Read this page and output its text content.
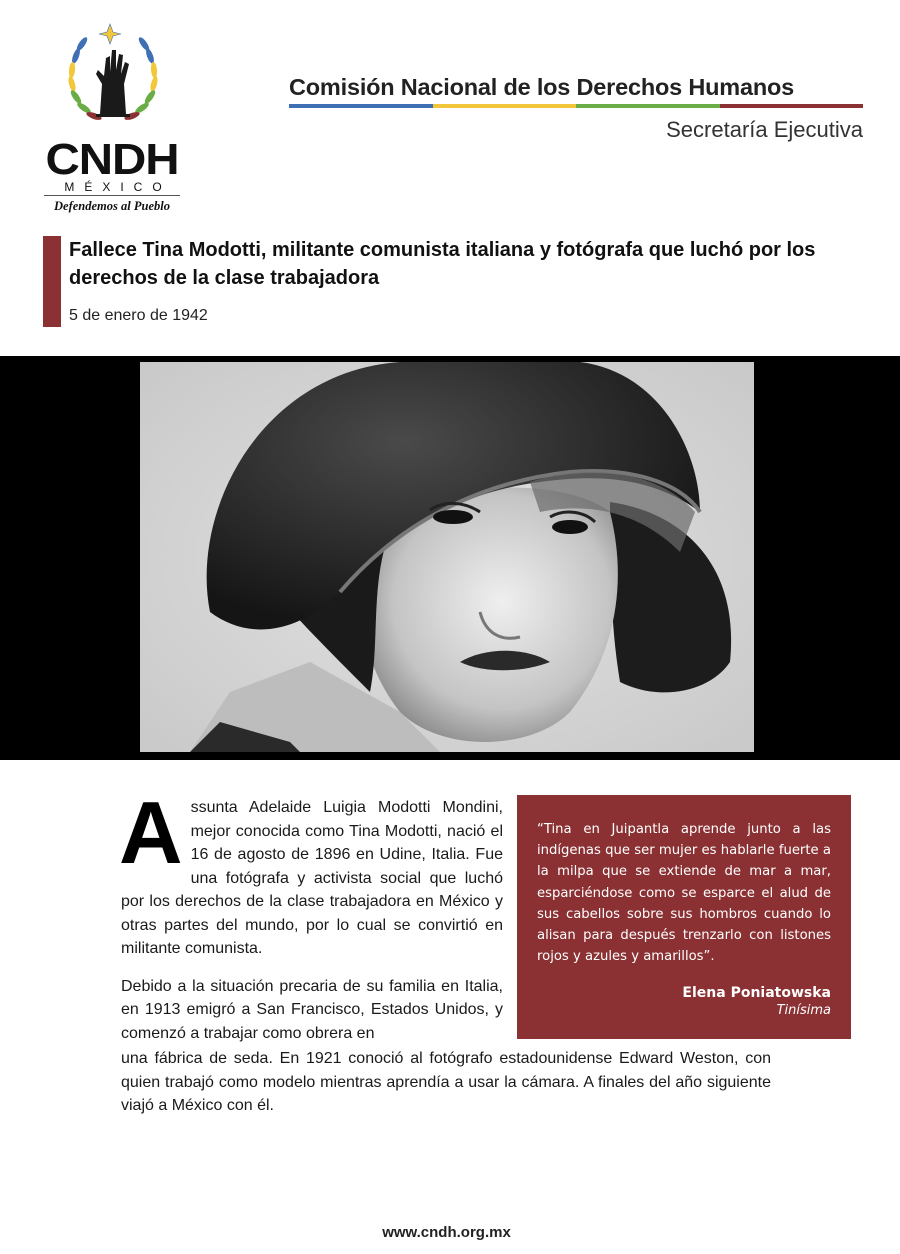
CNDH
MÉXICO
Defendemos al Pueblo
Comisión Nacional de los Derechos Humanos
Secretaría Ejecutiva
Fallece Tina Modotti, militante comunista italiana y fotógrafa que luchó por los derechos de la clase trabajadora
5 de enero de 1942

Assunta Adelaide Luigia Modotti Mondini, mejor conocida como Tina Modotti, nació el 16 de agosto de 1896 en Udine, Italia. Fue una fotógrafa y activista social que luchó por los derechos de la clase trabajadora en México y otras partes del mundo, por lo cual se convirtió en militante comunista.

Debido a la situación precaria de su familia en Italia, en 1913 emigró a San Francisco, Estados Unidos, y comenzó a trabajar como obrera en

una fábrica de seda. En 1921 conoció al fotógrafo estadounidense Edward Weston, con quien trabajó como modelo mientras aprendía a usar la cámara. A finales del año siguiente viajó a México con él.
“Tina en Juipantla aprende junto a las indígenas que ser mujer es hablarle fuerte a la milpa que se extiende de mar a mar, esparciéndose como se esparce el alud de sus cabellos sobre sus hombros cuando lo alisan para después trenzarlo con listones rojos y azules y amarillos”.
Elena Poniatowska
Tinísima
www.cndh.org.mx
